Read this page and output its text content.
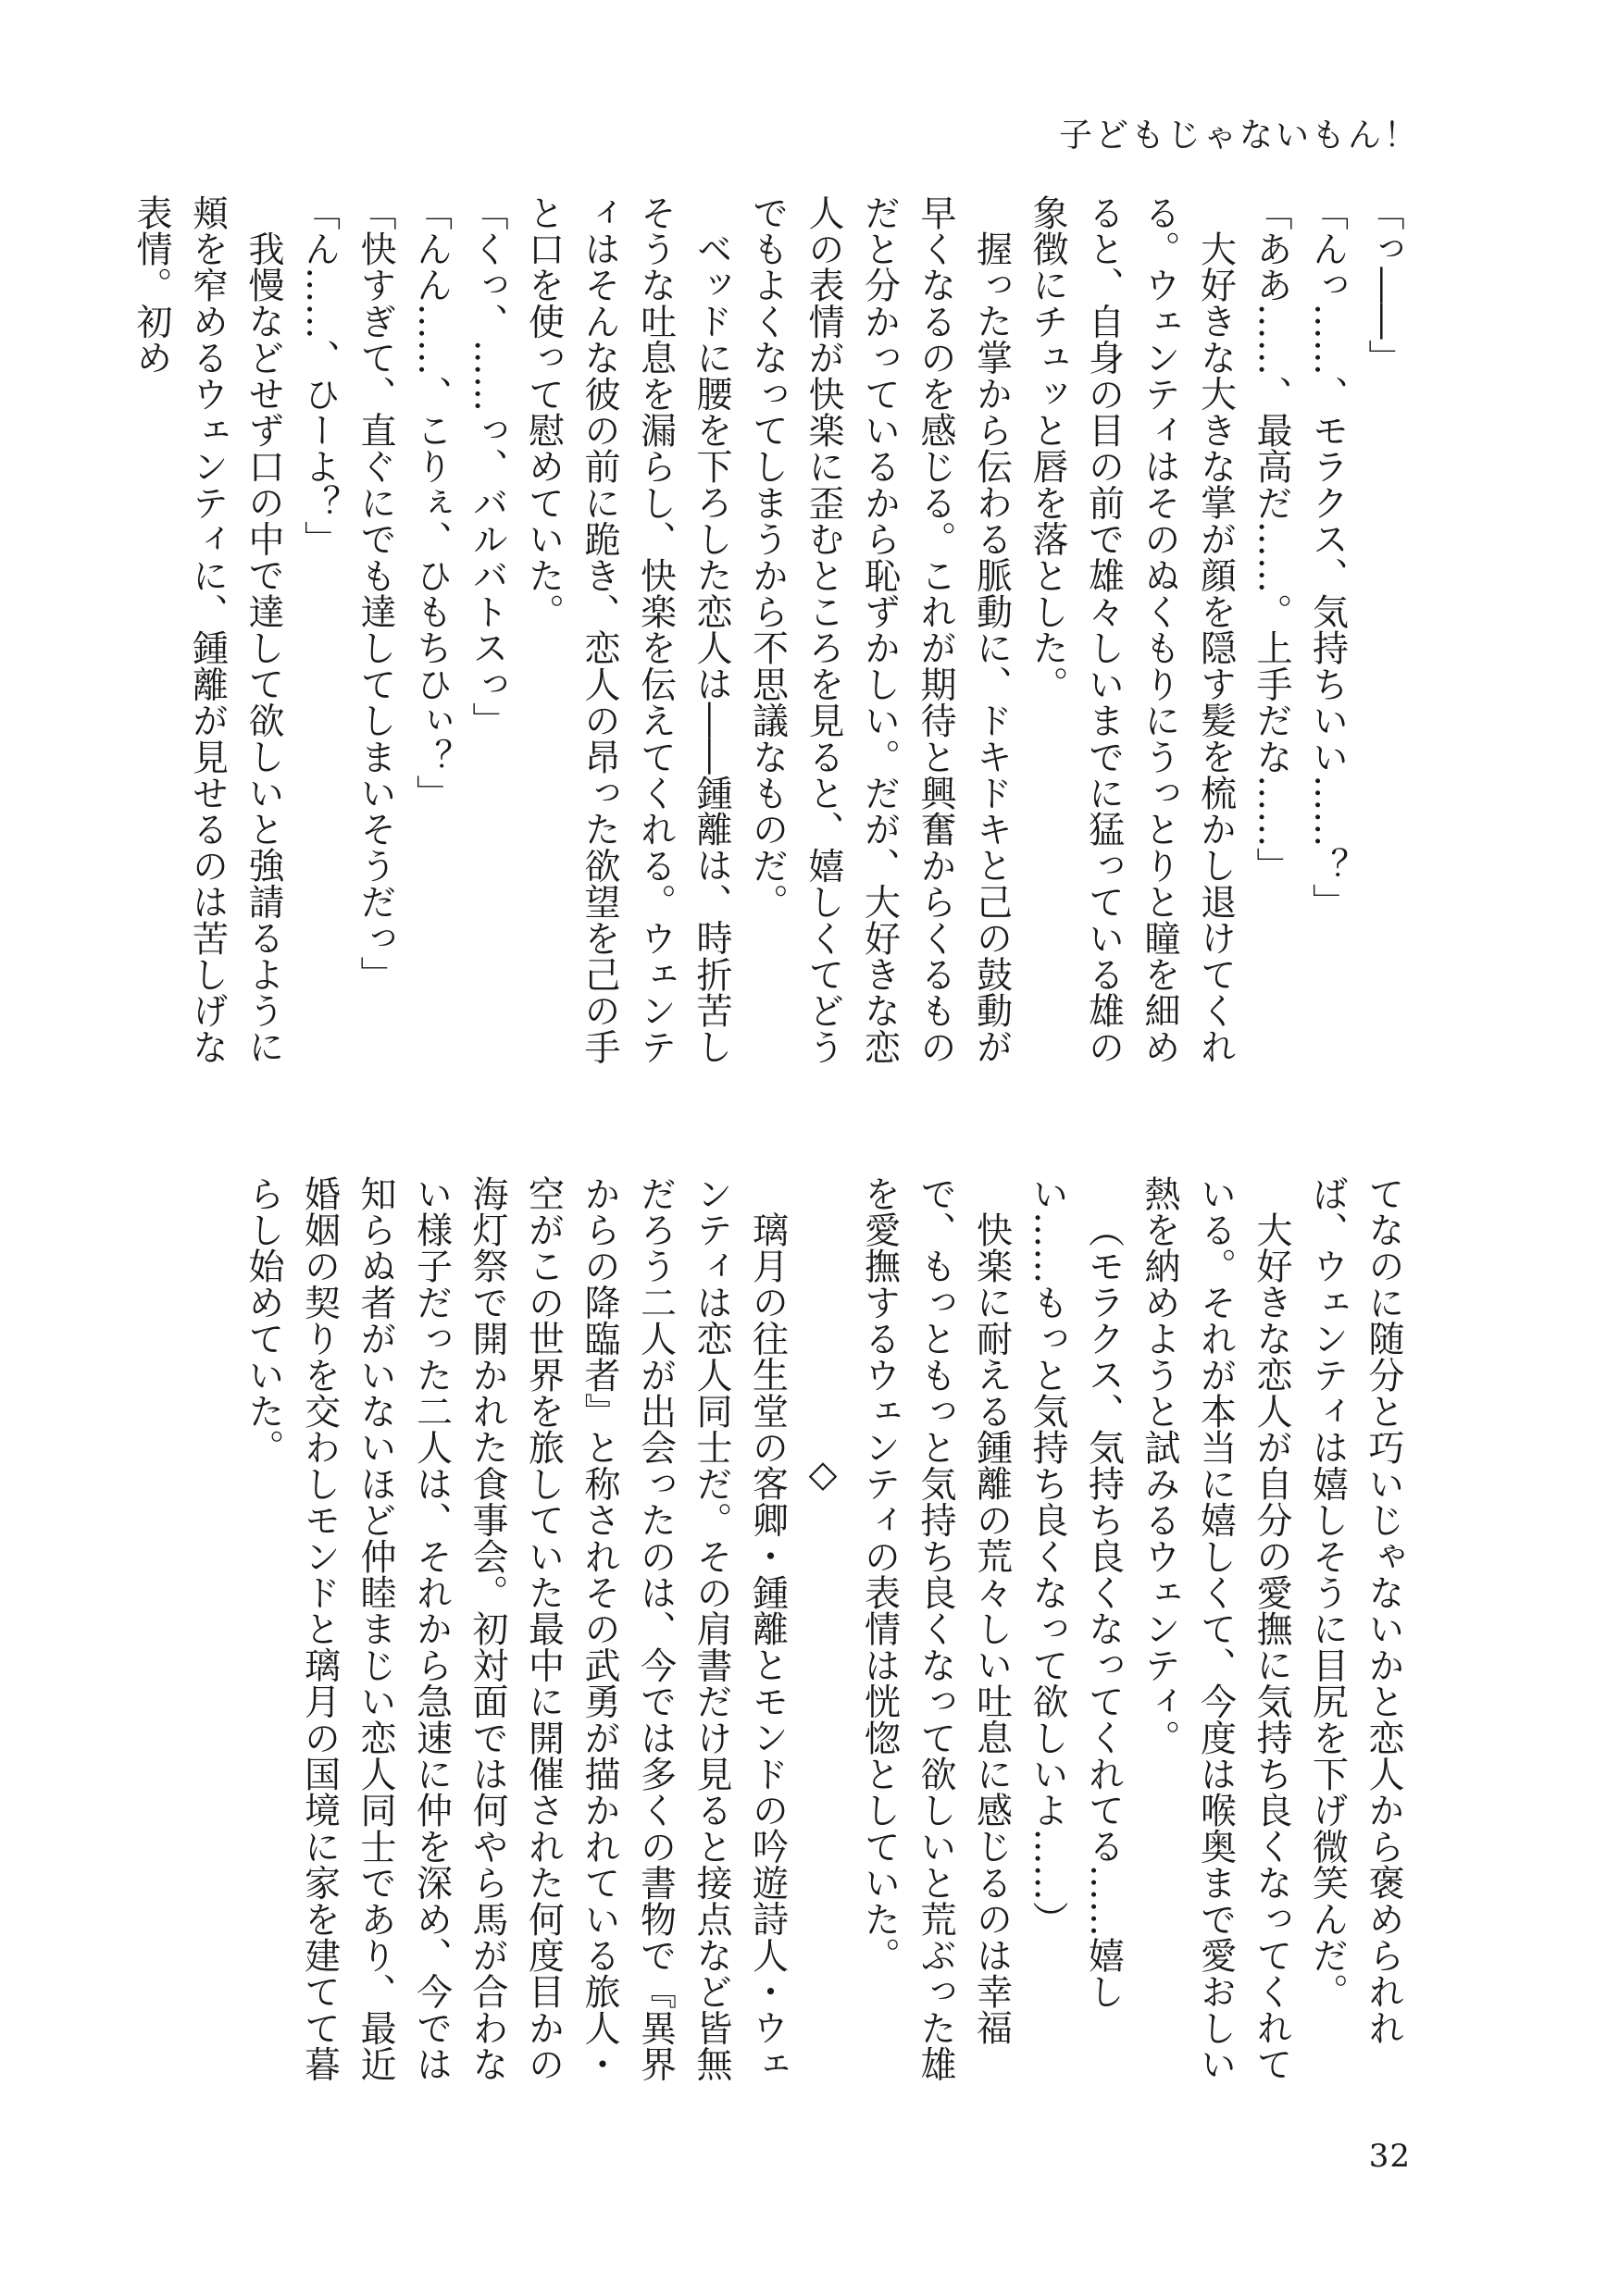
子どもじゃないもん！

「っ――」

「んっ……、モラクス、気持ちいい……？」

「ああ……、最高だ……。上手だな……」

大好きな大きな掌が顔を隠す髪を梳かし退けてくれる。ウェンティはそのぬくもりにうっとりと瞳を細めると、自身の目の前で雄々しいまでに猛っている雄の象徴にチュッと唇を落とした。

握った掌から伝わる脈動に、ドキドキと己の鼓動が早くなるのを感じる。これが期待と興奮からくるものだと分かっているから恥ずかしい。だが、大好きな恋人の表情が快楽に歪むところを見ると、嬉しくてどうでもよくなってしまうから不思議なものだ。

ベッドに腰を下ろした恋人は――鍾離は、時折苦しそうな吐息を漏らし、快楽を伝えてくれる。ウェンティはそんな彼の前に跪き、恋人の昂った欲望を己の手と口を使って慰めていた。

「くっ、……っ、バルバトスっ」

「んん……、こりぇ、ひもちひぃ？」

「快すぎて、直ぐにでも達してしまいそうだっ」

「ん……、ひーよ？」

我慢などせず口の中で達して欲しいと強請るように頬を窄めるウェンティに、鍾離が見せるのは苦しげな表情。初め

てなのに随分と巧いじゃないかと恋人から褒められれば、ウェンティは嬉しそうに目尻を下げ微笑んだ。

大好きな恋人が自分の愛撫に気持ち良くなってくれている。それが本当に嬉しくて、今度は喉奥まで愛おしい熱を納めようと試みるウェンティ。

（モラクス、気持ち良くなってくれてる……嬉しい……もっと気持ち良くなって欲しいよ……）

快楽に耐える鍾離の荒々しい吐息に感じるのは幸福で、もっともっと気持ち良くなって欲しいと荒ぶった雄を愛撫するウェンティの表情は恍惚としていた。

◇

璃月の往生堂の客卿・鍾離とモンドの吟遊詩人・ウェンティは恋人同士だ。その肩書だけ見ると接点など皆無だろう二人が出会ったのは、今では多くの書物で『異界からの降臨者』と称されその武勇が描かれている旅人・空がこの世界を旅していた最中に開催された何度目かの海灯祭で開かれた食事会。初対面では何やら馬が合わない様子だった二人は、それから急速に仲を深め、今では知らぬ者がいないほど仲睦まじい恋人同士であり、最近婚姻の契りを交わしモンドと璃月の国境に家を建てて暮らし始めていた。

32
